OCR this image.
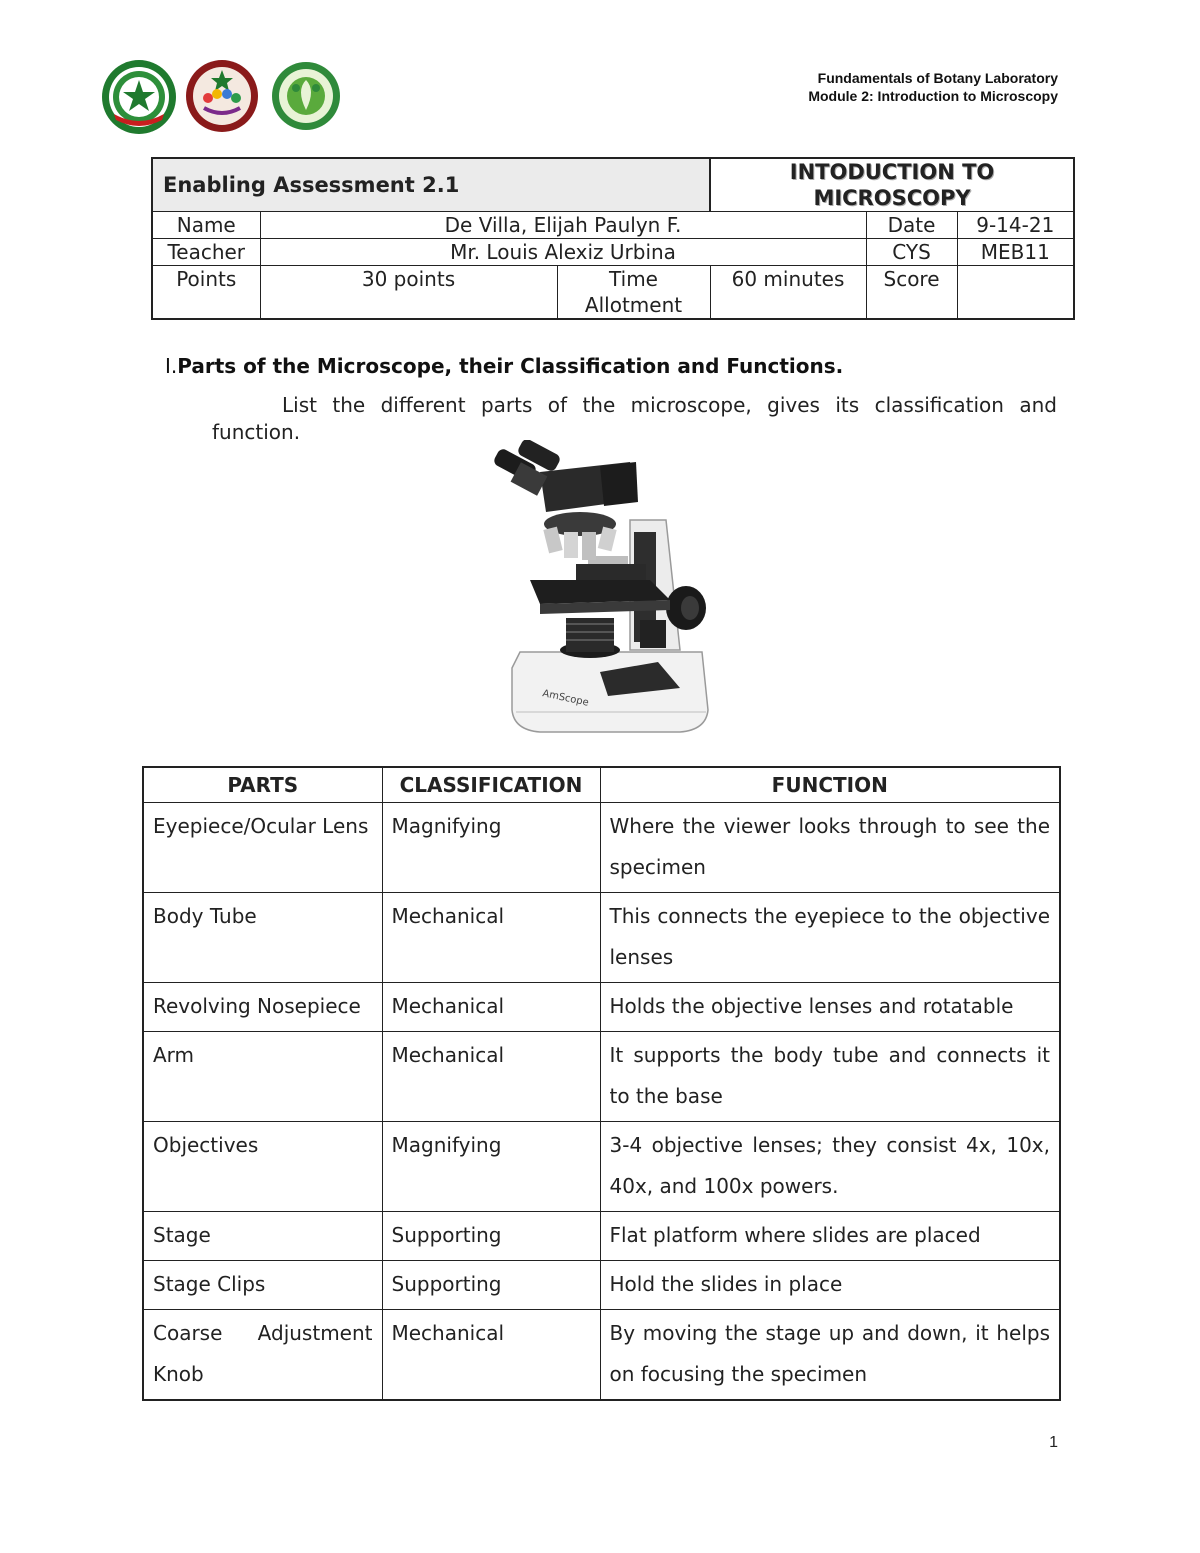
Fundamentals of Botany Laboratory
Module 2: Introduction to Microscopy
Enabling Assessment 2.1			INTODUCTION TO MICROSCOPY		
Name	De Villa, Elijah Paulyn F.			Date	9-14-21
Teacher	Mr. Louis Alexiz Urbina			CYS	MEB11
Points	30 points	Time Allotment	60 minutes	Score	
I.Parts of the Microscope, their Classification and Functions.
List the different parts of the microscope, gives its classification and function.
AmScope
PARTS	CLASSIFICATION	FUNCTION
Eyepiece/Ocular Lens	Magnifying	Where the viewer looks through to see the specimen
Body Tube	Mechanical	This connects the eyepiece to the objective lenses
Revolving Nosepiece	Mechanical	Holds the objective lenses and rotatable
Arm	Mechanical	It supports the body tube and connects it to the base
Objectives	Magnifying	3-4 objective lenses; they consist 4x, 10x, 40x, and 100x powers.
Stage	Supporting	Flat platform where slides are placed
Stage Clips	Supporting	Hold the slides in place
Coarse Adjustment Knob	Mechanical	By moving the stage up and down, it helps on focusing the specimen
1
